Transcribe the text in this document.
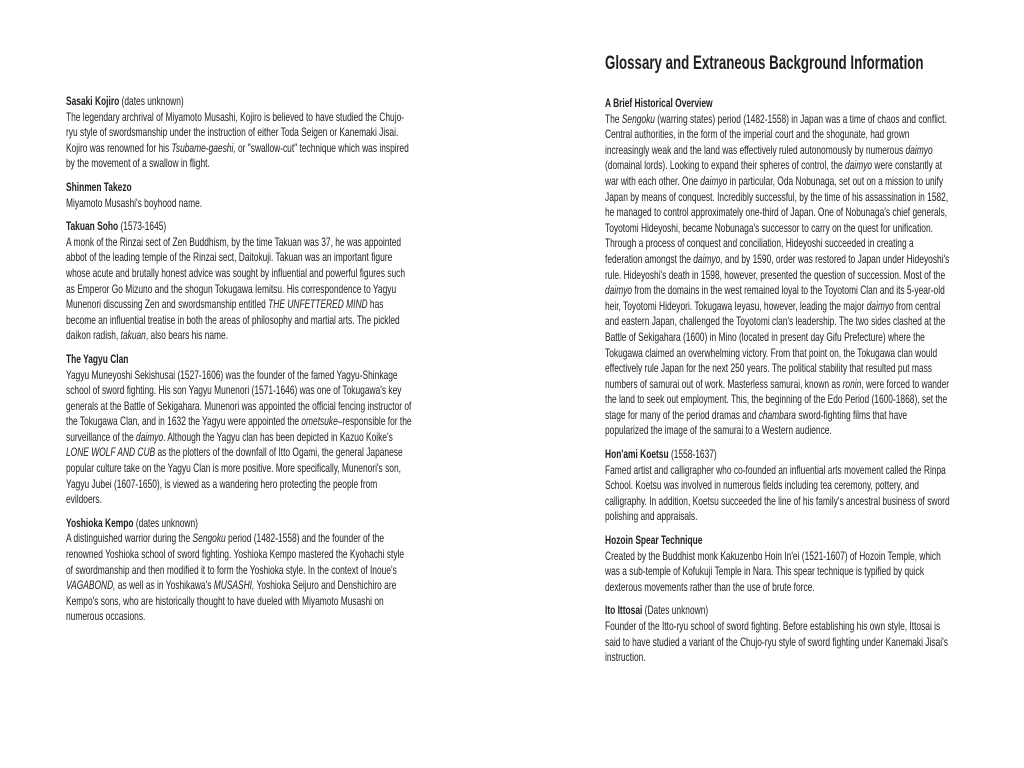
Sasaki Kojiro (dates unknown)

The legendary archrival of Miyamoto Musashi, Kojiro is believed to have studied the Chujo-ryu style of swordsmanship under the instruction of either Toda Seigen or Kanemaki Jisai. Kojiro was renowned for his Tsubame-gaeshi, or "swallow-cut" technique which was inspired by the movement of a swallow in flight.

Shinmen Takezo

Miyamoto Musashi's boyhood name.

Takuan Soho (1573-1645)

A monk of the Rinzai sect of Zen Buddhism, by the time Takuan was 37, he was appointed abbot of the leading temple of the Rinzai sect, Daitokuji. Takuan was an important figure whose acute and brutally honest advice was sought by influential and powerful figures such as Emperor Go Mizuno and the shogun Tokugawa Iemitsu. His correspondence to Yagyu Munenori discussing Zen and swordsmanship entitled THE UNFETTERED MIND has become an influential treatise in both the areas of philosophy and martial arts. The pickled daikon radish, takuan, also bears his name.

The Yagyu Clan

Yagyu Muneyoshi Sekishusai (1527-1606) was the founder of the famed Yagyu-Shinkage school of sword fighting. His son Yagyu Munenori (1571-1646) was one of Tokugawa's key generals at the Battle of Sekigahara. Munenori was appointed the official fencing instructor of the Tokugawa Clan, and in 1632 the Yagyu were appointed the ometsuke–responsible for the surveillance of the daimyo. Although the Yagyu clan has been depicted in Kazuo Koike's LONE WOLF AND CUB as the plotters of the downfall of Itto Ogami, the general Japanese popular culture take on the Yagyu Clan is more positive. More specifically, Munenori's son, Yagyu Jubei (1607-1650), is viewed as a wandering hero protecting the people from evildoers.

Yoshioka Kempo (dates unknown)

A distinguished warrior during the Sengoku period (1482-1558) and the founder of the renowned Yoshioka school of sword fighting. Yoshioka Kempo mastered the Kyohachi style of swordmanship and then modified it to form the Yoshioka style. In the context of Inoue's VAGABOND, as well as in Yoshikawa's MUSASHI, Yoshioka Seijuro and Denshichiro are Kempo's sons, who are historically thought to have dueled with Miyamoto Musashi on numerous occasions.

Glossary and Extraneous Background Information

A Brief Historical Overview

The Sengoku (warring states) period (1482-1558) in Japan was a time of chaos and conflict. Central authorities, in the form of the imperial court and the shogunate, had grown increasingly weak and the land was effectively ruled autonomously by numerous daimyo (domainal lords). Looking to expand their spheres of control, the daimyo were constantly at war with each other. One daimyo in particular, Oda Nobunaga, set out on a mission to unify Japan by means of conquest. Incredibly successful, by the time of his assassination in 1582, he managed to control approximately one-third of Japan. One of Nobunaga's chief generals, Toyotomi Hideyoshi, became Nobunaga's successor to carry on the quest for unification. Through a process of conquest and conciliation, Hideyoshi succeeded in creating a federation amongst the daimyo, and by 1590, order was restored to Japan under Hideyoshi's rule. Hideyoshi's death in 1598, however, presented the question of succession. Most of the daimyo from the domains in the west remained loyal to the Toyotomi Clan and its 5-year-old heir, Toyotomi Hideyori. Tokugawa Ieyasu, however, leading the major daimyo from central and eastern Japan, challenged the Toyotomi clan's leadership. The two sides clashed at the Battle of Sekigahara (1600) in Mino (located in present day Gifu Prefecture) where the Tokugawa claimed an overwhelming victory. From that point on, the Tokugawa clan would effectively rule Japan for the next 250 years. The political stability that resulted put mass numbers of samurai out of work. Masterless samurai, known as ronin, were forced to wander the land to seek out employment. This, the beginning of the Edo Period (1600-1868), set the stage for many of the period dramas and chambara sword-fighting films that have popularized the image of the samurai to a Western audience.

Hon'ami Koetsu (1558-1637)

Famed artist and calligrapher who co-founded an influential arts movement called the Rinpa School. Koetsu was involved in numerous fields including tea ceremony, pottery, and calligraphy. In addition, Koetsu succeeded the line of his family's ancestral business of sword polishing and appraisals.

Hozoin Spear Technique

Created by the Buddhist monk Kakuzenbo Hoin In'ei (1521-1607) of Hozoin Temple, which was a sub-temple of Kofukuji Temple in Nara. This spear technique is typified by quick dexterous movements rather than the use of brute force.

Ito Ittosai (Dates unknown)

Founder of the Itto-ryu school of sword fighting. Before establishing his own style, Ittosai is said to have studied a variant of the Chujo-ryu style of sword fighting under Kanemaki Jisai's instruction.
